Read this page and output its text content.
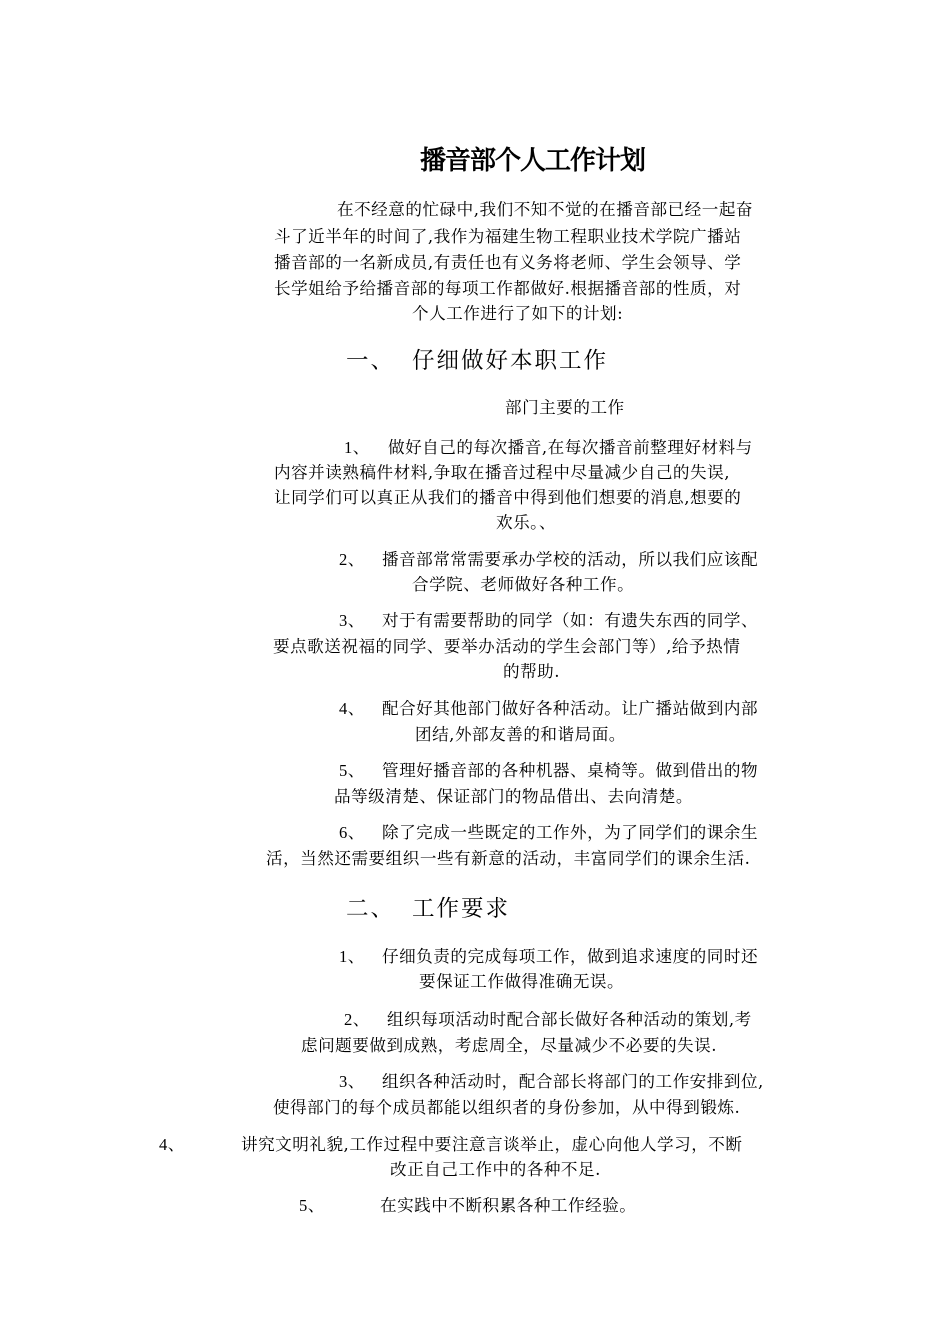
播音部个人工作计划
在不经意的忙碌中,我们不知不觉的在播音部已经一起奋
斗了近半年的时间了,我作为福建生物工程职业技术学院广播站
播音部的一名新成员,有责任也有义务将老师、学生会领导、学
长学姐给予给播音部的每项工作都做好.根据播音部的性质，对
个人工作进行了如下的计划:
一、 仔细做好本职工作
部门主要的工作
1、 做好自己的每次播音,在每次播音前整理好材料与
内容并读熟稿件材料,争取在播音过程中尽量减少自己的失误,
让同学们可以真正从我们的播音中得到他们想要的消息,想要的
欢乐。、
2、 播音部常常需要承办学校的活动，所以我们应该配
合学院、老师做好各种工作。
3、 对于有需要帮助的同学（如：有遗失东西的同学、
要点歌送祝福的同学、要举办活动的学生会部门等）,给予热情
的帮助.
4、 配合好其他部门做好各种活动。让广播站做到内部
团结,外部友善的和谐局面。
5、 管理好播音部的各种机器、桌椅等。做到借出的物
品等级清楚、保证部门的物品借出、去向清楚。
6、 除了完成一些既定的工作外，为了同学们的课余生
活，当然还需要组织一些有新意的活动，丰富同学们的课余生活.
二、 工作要求
1、 仔细负责的完成每项工作，做到追求速度的同时还
要保证工作做得准确无误。
2、 组织每项活动时配合部长做好各种活动的策划,考
虑问题要做到成熟，考虑周全，尽量减少不必要的失误.
3、 组织各种活动时，配合部长将部门的工作安排到位,
使得部门的每个成员都能以组织者的身份参加，从中得到锻炼.
4、	讲究文明礼貌,工作过程中要注意言谈举止，虚心向他人学习，不断
改正自己工作中的各种不足.
5、	在实践中不断积累各种工作经验。
